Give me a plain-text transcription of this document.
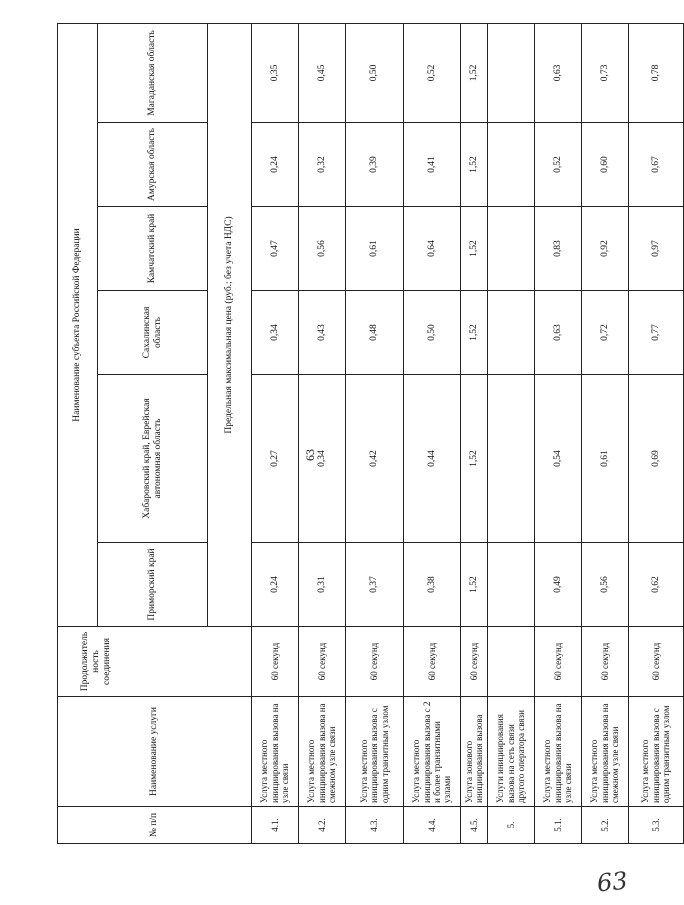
63
№ п/п	Наименование услуги	Продолжитель ность соединения	Наименование субъекта Российской Федерации						
			Приморский край	Хабаровский край, Еврейская автономная область	Сахалинская область	Камчатский край	Амурская область	Магаданская область	
			Предельная максимальная цена (руб.; без учета НДС)						
4.1.	Услуга местного инициирования вызова на узле связи	60 секунд	0,24	0,27	0,34	0,47	0,24	0,35	
4.2.	Услуга местного инициирования вызова на смежном узле связи	60 секунд	0,31	0,34	0,43	0,56	0,32	0,45	
4.3.	Услуга местного инициирования вызова с одним транзитным узлом	60 секунд	0,37	0,42	0,48	0,61	0,39	0,50	
4.4.	Услуга местного инициирования вызова с 2 и более транзитными узлами	60 секунд	0,38	0,44	0,50	0,64	0,41	0,52	
4.5.	Услуга зонового инициирования вызова	60 секунд	1,52	1,52	1,52	1,52	1,52	1,52	
5.	Услуги инициирования вызова на сеть связи другого оператора связи								
5.1.	Услуга местного инициирования вызова на узле связи	60 секунд	0,49	0,54	0,63	0,83	0,52	0,63	
5.2.	Услуга местного инициирования вызова на смежном узле связи	60 секунд	0,56	0,61	0,72	0,92	0,60	0,73	
5.3.	Услуга местного инициирования вызова с одним транзитным узлом	60 секунд	0,62	0,69	0,77	0,97	0,67	0,78	
63
